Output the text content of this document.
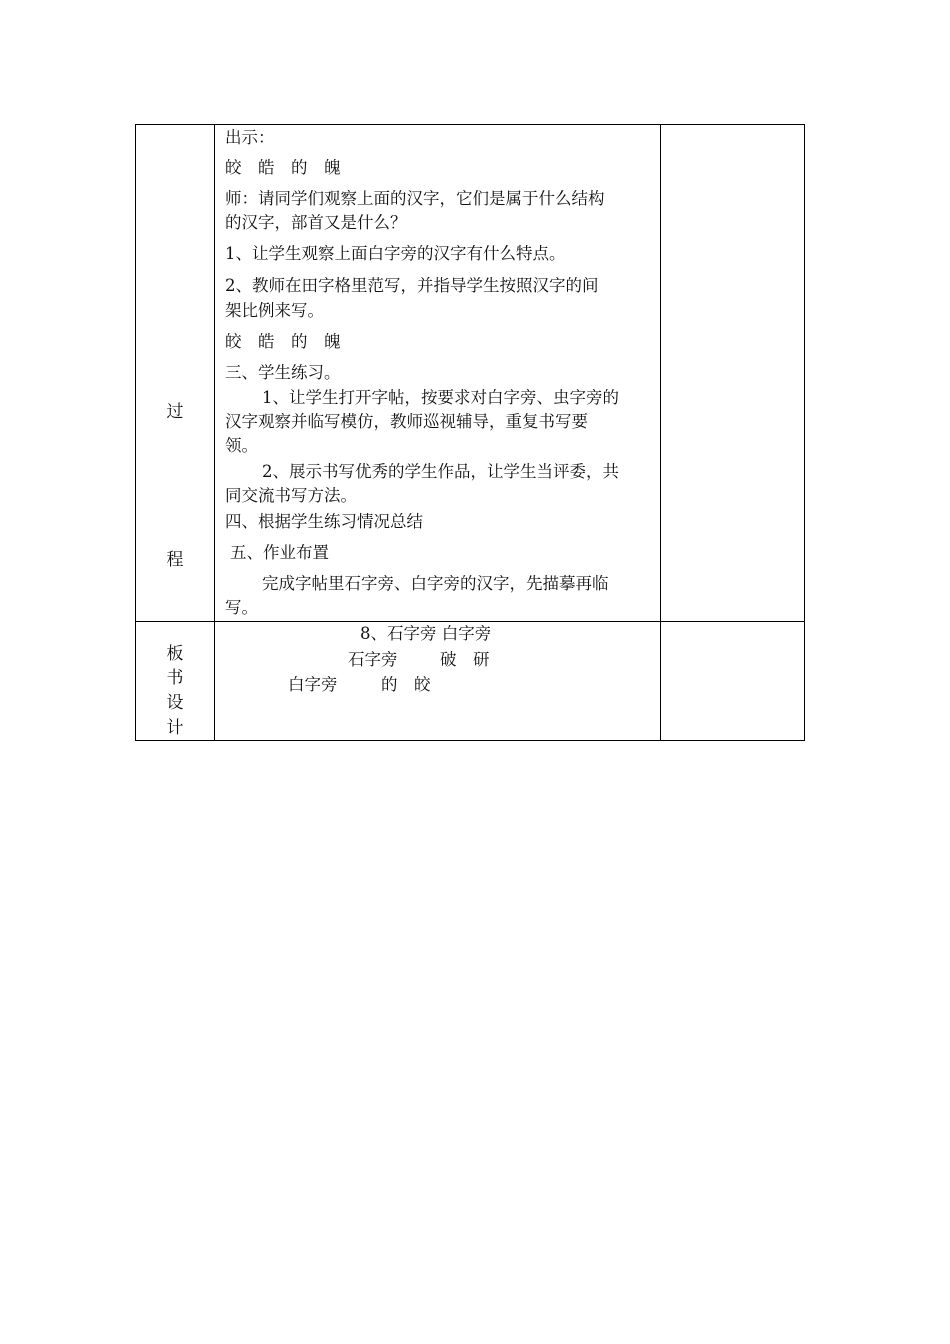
过
程
板
书
设
计
出示：
皎　皓　的　魄
师：请同学们观察上面的汉字，它们是属于什么结构
的汉字，部首又是什么？
1、让学生观察上面白字旁的汉字有什么特点。
2、教师在田字格里范写，并指导学生按照汉字的间
架比例来写。
皎　皓　的　魄
三、学生练习。
1、让学生打开字帖，按要求对白字旁、虫字旁的
汉字观察并临写模仿，教师巡视辅导，重复书写要
领。
2、展示书写优秀的学生作品，让学生当评委，共
同交流书写方法。
四、根据学生练习情况总结
五、作业布置
完成字帖里石字旁、白字旁的汉字，先描摹再临
写。
8、石字旁 白字旁
石字旁	破　研
白字旁	的　皎
